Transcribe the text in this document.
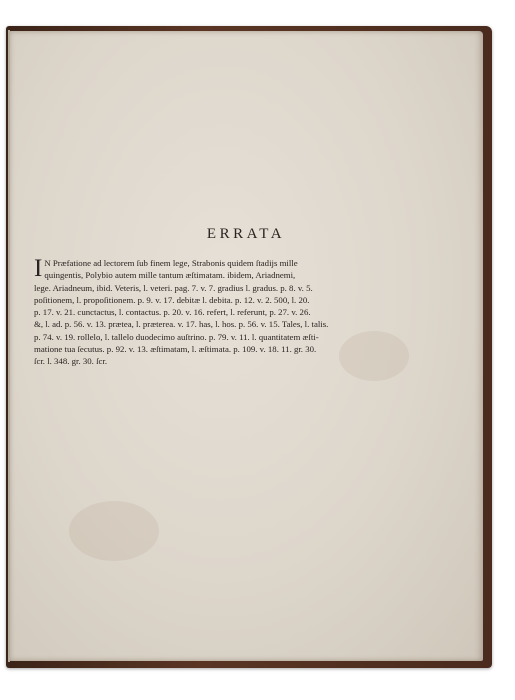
ERRATA
I N Præfatione ad lectorem ſub finem lege, Strabonis quidem ſtadijs mille
quingentis, Polybio autem mille tantum æſtimatam. ibidem, Ariadnemi,
lege. Ariadneum, ibid. Veteris, l. veteri. pag. 7. v. 7. gradius l. gradus. p. 8. v. 5.
poſitionem, l. propoſitionem. p. 9. v. 17. debitæ l. debita. p. 12. v. 2. 500, l. 20.
p. 17. v. 21. cunctactus, l. contactus. p. 20. v. 16. refert, l. referunt, p. 27. v. 26.
&, l. ad. p. 56. v. 13. prætea, l. præterea. v. 17. has, l. hos. p. 56. v. 15. Tales, l. talis.
p. 74. v. 19. rollelo, l. tallelo duodecimo auſtrino. p. 79. v. 11. l. quantitatem æſti-
matione tua ſecutus. p. 92. v. 13. æſtimatam, l. æſtimata. p. 109. v. 18. 11. gr. 30.
ſcr. l. 348. gr. 30. ſcr.
